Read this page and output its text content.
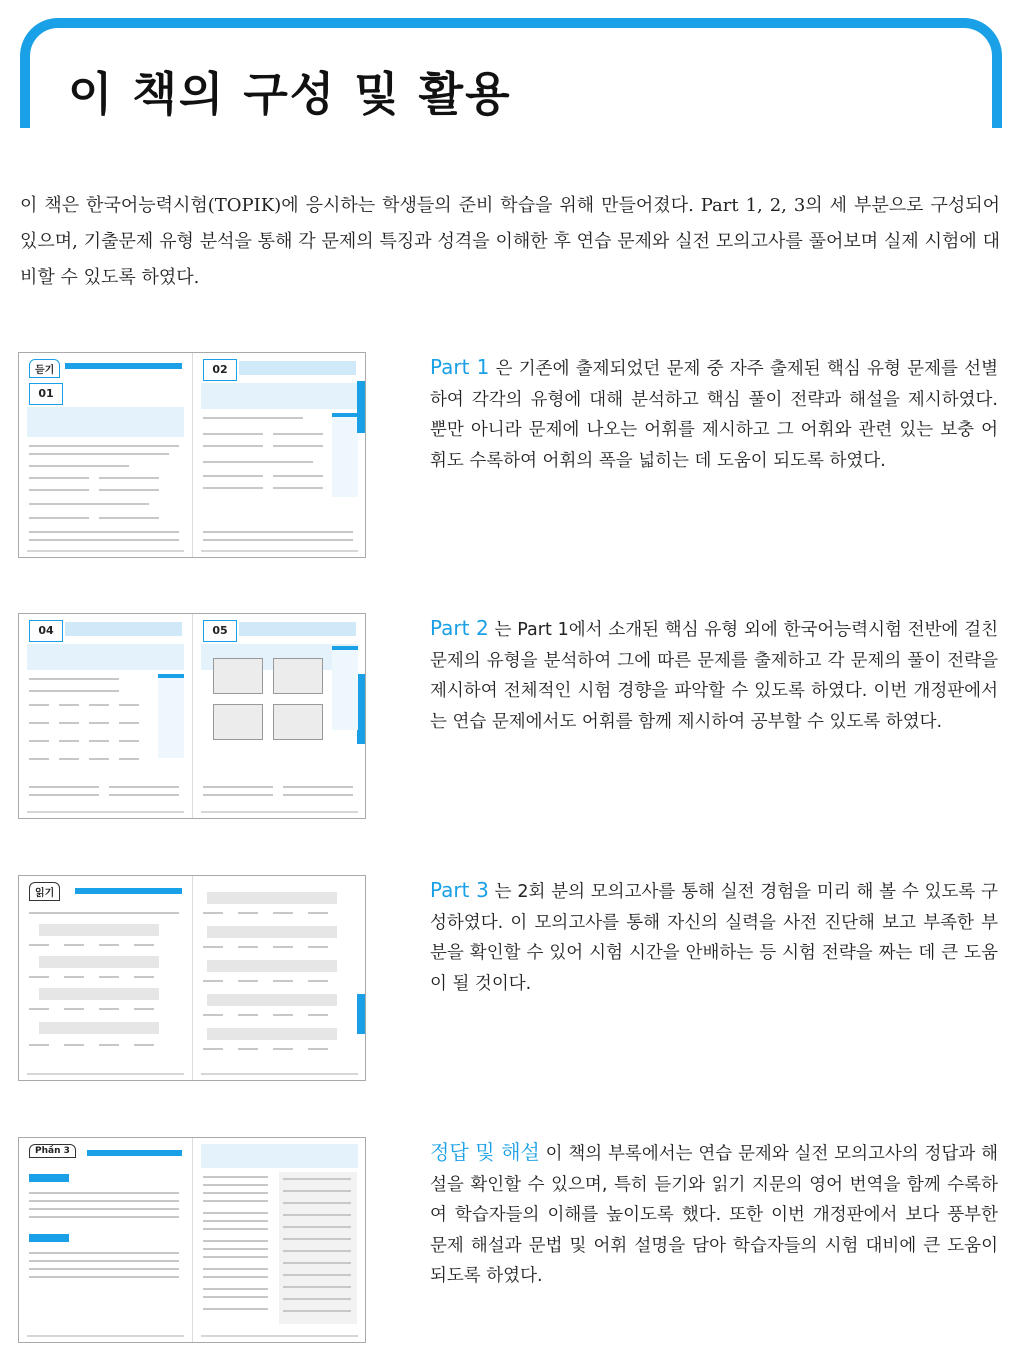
이 책의 구성 및 활용

이 책은 한국어능력시험(TOPIK)에 응시하는 학생들의 준비 학습을 위해 만들어졌다. Part 1, 2, 3의 세 부분으로 구성되어 있으며, 기출문제 유형 분석을 통해 각 문제의 특징과 성격을 이해한 후 연습 문제와 실전 모의고사를 풀어보며 실제 시험에 대비할 수 있도록 하였다.

듣기
01
02	Part 1 은 기존에 출제되었던 문제 중 자주 출제된 핵심 유형 문제를 선별하여 각각의 유형에 대해 분석하고 핵심 풀이 전략과 해설을 제시하였다. 뿐만 아니라 문제에 나오는 어휘를 제시하고 그 어휘와 관련 있는 보충 어휘도 수록하여 어휘의 폭을 넓히는 데 도움이 되도록 하였다.

04	05	Part 2 는 Part 1에서 소개된 핵심 유형 외에 한국어능력시험 전반에 걸친 문제의 유형을 분석하여 그에 따른 문제를 출제하고 각 문제의 풀이 전략을 제시하여 전체적인 시험 경향을 파악할 수 있도록 하였다. 이번 개정판에서는 연습 문제에서도 어휘를 함께 제시하여 공부할 수 있도록 하였다.

읽기	Part 3 는 2회 분의 모의고사를 통해 실전 경험을 미리 해 볼 수 있도록 구성하였다. 이 모의고사를 통해 자신의 실력을 사전 진단해 보고 부족한 부분을 확인할 수 있어 시험 시간을 안배하는 등 시험 전략을 짜는 데 큰 도움이 될 것이다.

Phần 3	정답 및 해설 이 책의 부록에서는 연습 문제와 실전 모의고사의 정답과 해설을 확인할 수 있으며, 특히 듣기와 읽기 지문의 영어 번역을 함께 수록하여 학습자들의 이해를 높이도록 했다. 또한 이번 개정판에서 보다 풍부한 문제 해설과 문법 및 어휘 설명을 담아 학습자들의 시험 대비에 큰 도움이 되도록 하였다.
